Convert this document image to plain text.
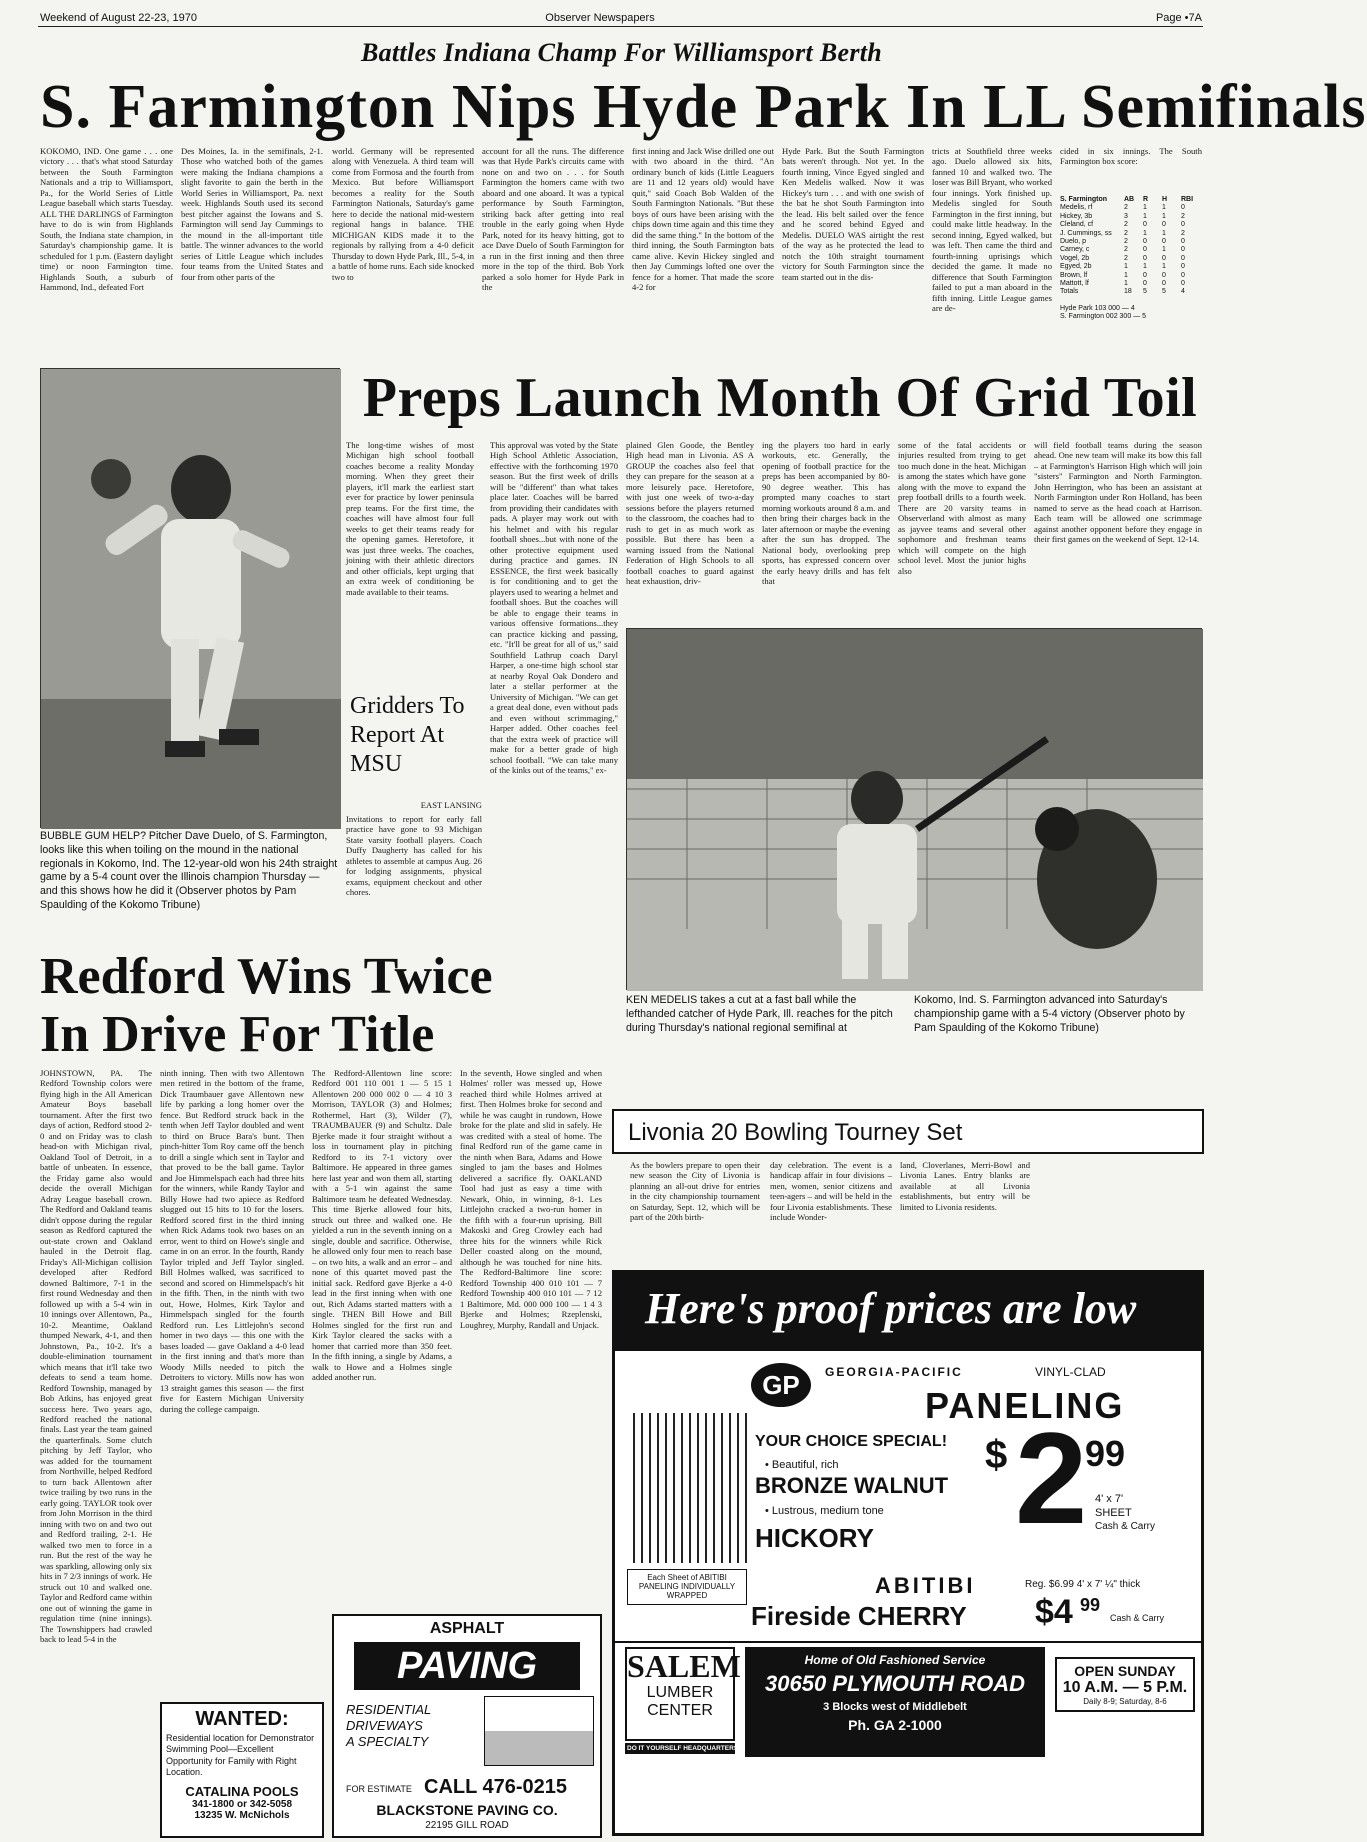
Weekend of August 22-23, 1970	Observer Newspapers	Page •7A
Battles Indiana Champ For Williamsport Berth
S. Farmington Nips Hyde Park In LL Semifinals
KOKOMO, IND. One game . . . one victory . . . that's what stood Saturday between the South Farmington Nationals and a trip to Williamsport, Pa., for the World Series of Little League baseball which starts Tuesday. ALL THE DARLINGS of Farmington have to do is win from Highlands South, the Indiana state champion, in Saturday's championship game. It is scheduled for 1 p.m. (Eastern daylight time) or noon Farmington time. Highlands South, a suburb of Hammond, Ind., defeated Fort
Des Moines, Ia. in the semifinals, 2-1. Those who watched both of the games were making the Indiana champions a slight favorite to gain the berth in the World Series in Williamsport, Pa. next week. Highlands South used its second best pitcher against the Iowans and S. Farmington will send Jay Cummings to the mound in the all-important title battle. The winner advances to the world series of Little League which includes four teams from the United States and four from other parts of the
world. Germany will be represented along with Venezuela. A third team will come from Formosa and the fourth from Mexico. But before Williamsport becomes a reality for the South Farmington Nationals, Saturday's game here to decide the national mid-western regional hangs in balance. THE MICHIGAN KIDS made it to the regionals by rallying from a 4-0 deficit Thursday to down Hyde Park, Ill., 5-4, in a battle of home runs. Each side knocked two to
account for all the runs. The difference was that Hyde Park's circuits came with none on and two on . . . for South Farmington the homers came with two aboard and one aboard. It was a typical performance by South Farmington, striking back after getting into real trouble in the early going when Hyde Park, noted for its heavy hitting, got to ace Dave Duelo of South Farmington for a run in the first inning and then three more in the top of the third. Bob York parked a solo homer for Hyde Park in the
first inning and Jack Wise drilled one out with two aboard in the third. "An ordinary bunch of kids (Little Leaguers are 11 and 12 years old) would have quit," said Coach Bob Walden of the South Farmington Nationals. "But these boys of ours have been arising with the chips down time again and this time they did the same thing." In the bottom of the third inning, the South Farmington bats came alive. Kevin Hickey singled and then Jay Cummings lofted one over the fence for a homer. That made the score 4-2 for
Hyde Park. But the South Farmington bats weren't through. Not yet. In the fourth inning, Vince Egyed singled and Ken Medelis walked. Now it was Hickey's turn . . . and with one swish of the bat he shot South Farmington into the lead. His belt sailed over the fence and he scored behind Egyed and Medelis. DUELO WAS airtight the rest of the way as he protected the lead to notch the 10th straight tournament victory for South Farmington since the team started out in the dis-
tricts at Southfield three weeks ago. Duelo allowed six hits, fanned 10 and walked two. The loser was Bill Bryant, who worked four innings. York finished up. Medelis singled for South Farmington in the first inning, but could make little headway. In the second inning, Egyed walked, but was left. Then came the third and fourth-inning uprisings which decided the game. It made no difference that South Farmington failed to put a man aboard in the fifth inning. Little League games are de-
cided in six innings. The South Farmington box score:
S. Farmington	AB	R	H	RBI
Medelis, rf	2	1	1	0
Hickey, 3b	3	1	1	2
Cleland, cf	2	0	0	0
J. Cummings, ss	2	1	1	2
Duelo, p	2	0	0	0
Carney, c	2	0	1	0
Vogel, 2b	2	0	0	0
Egyed, 2b	1	1	1	0
Brown, lf	1	0	0	0
Mattott, lf	1	0	0	0
Totals	18	5	5	4
Hyde Park 103 000 — 4
S. Farmington 002 300 — 5
Preps Launch Month Of Grid Toil
BUBBLE GUM HELP? Pitcher Dave Duelo, of S. Farmington, looks like this when toiling on the mound in the national regionals in Kokomo, Ind. The 12-year-old won his 24th straight game by a 5-4 count over the Illinois champion Thursday — and this shows how he did it (Observer photos by Pam Spaulding of the Kokomo Tribune)
The long-time wishes of most Michigan high school football coaches become a reality Monday morning. When they greet their players, it'll mark the earliest start ever for practice by lower peninsula prep teams. For the first time, the coaches will have almost four full weeks to get their teams ready for the opening games. Heretofore, it was just three weeks. The coaches, joining with their athletic directors and other officials, kept urging that an extra week of conditioning be made available to their teams.
This approval was voted by the State High School Athletic Association, effective with the forthcoming 1970 season. But the first week of drills will be "different" than what takes place later. Coaches will be barred from providing their candidates with pads. A player may work out with his helmet and with his regular football shoes...but with none of the other protective equipment used during practice and games. IN ESSENCE, the first week basically is for conditioning and to get the players used to wearing a helmet and football shoes. But the coaches will be able to engage their teams in various offensive formations...they can practice kicking and passing, etc. "It'll be great for all of us," said Southfield Lathrup coach Daryl Harper, a one-time high school star at nearby Royal Oak Dondero and later a stellar performer at the University of Michigan. "We can get a great deal done, even without pads and even without scrimmaging," Harper added. Other coaches feel that the extra week of practice will make for a better grade of high school football. "We can take many of the kinks out of the teams," ex-
plained Glen Goode, the Bentley High head man in Livonia. AS A GROUP the coaches also feel that they can prepare for the season at a more leisurely pace. Heretofore, with just one week of two-a-day sessions before the players returned to the classroom, the coaches had to rush to get in as much work as possible. But there has been a warning issued from the National Federation of High Schools to all football coaches to guard against heat exhaustion, driv-
ing the players too hard in early workouts, etc. Generally, the opening of football practice for the preps has been accompanied by 80-90 degree weather. This has prompted many coaches to start morning workouts around 8 a.m. and then bring their charges back in the later afternoon or maybe the evening after the sun has dropped. The National body, overlooking prep sports, has expressed concern over the early heavy drills and has felt that
some of the fatal accidents or injuries resulted from trying to get too much done in the heat. Michigan is among the states which have gone along with the move to expand the prep football drills to a fourth week. There are 20 varsity teams in Observerland with almost as many as jayvee teams and several other sophomore and freshman teams which will compete on the high school level. Most the junior highs also
will field football teams during the season ahead. One new team will make its bow this fall – at Farmington's Harrison High which will join "sisters" Farmington and North Farmington. John Herrington, who has been an assistant at North Farmington under Ron Holland, has been named to serve as the head coach at Harrison. Each team will be allowed one scrimmage against another opponent before they engage in their first games on the weekend of Sept. 12-14.
Gridders To Report At MSU
EAST LANSING
Invitations to report for early fall practice have gone to 93 Michigan State varsity football players. Coach Duffy Daugherty has called for his athletes to assemble at campus Aug. 26 for lodging assignments, physical exams, equipment checkout and other chores.
KEN MEDELIS takes a cut at a fast ball while the lefthanded catcher of Hyde Park, Ill. reaches for the pitch during Thursday's national regional semifinal at
Kokomo, Ind. S. Farmington advanced into Saturday's championship game with a 5-4 victory (Observer photo by Pam Spaulding of the Kokomo Tribune)
Redford Wins Twice In Drive For Title
JOHNSTOWN, PA. The Redford Township colors were flying high in the All American Amateur Boys baseball tournament. After the first two days of action, Redford stood 2-0 and on Friday was to clash head-on with Michigan rival, Oakland Tool of Detroit, in a battle of unbeaten. In essence, the Friday game also would decide the overall Michigan Adray League baseball crown. The Redford and Oakland teams didn't oppose during the regular season as Redford captured the out-state crown and Oakland hauled in the Detroit flag. Friday's All-Michigan collision developed after Redford downed Baltimore, 7-1 in the first round Wednesday and then followed up with a 5-4 win in 10 innings over Allentown, Pa., 10-2. Meantime, Oakland thumped Newark, 4-1, and then Johnstown, Pa., 10-2. It's a double-elimination tournament which means that it'll take two defeats to send a team home. Redford Township, managed by Bob Atkins, has enjoyed great success here. Two years ago, Redford reached the national finals. Last year the team gained the quarterfinals. Some clutch pitching by Jeff Taylor, who was added for the tournament from Northville, helped Redford to turn back Allentown after twice trailing by two runs in the early going. TAYLOR took over from John Morrison in the third inning with two on and two out and Redford trailing, 2-1. He walked two men to force in a run. But the rest of the way he was sparkling, allowing only six hits in 7 2/3 innings of work. He struck out 10 and walked one. Taylor and Redford came within one out of winning the game in regulation time (nine innings). The Townshippers had crawled back to lead 5-4 in the
ninth inning. Then with two Allentown men retired in the bottom of the frame, Dick Traumbauer gave Allentown new life by parking a long homer over the fence. But Redford struck back in the tenth when Jeff Taylor doubled and went to third on Bruce Bara's bunt. Then pinch-hitter Tom Roy came off the bench to drill a single which sent in Taylor and that proved to be the ball game. Taylor and Joe Himmelspach each had three hits for the winners, while Randy Taylor and Billy Howe had two apiece as Redford slugged out 15 hits to 10 for the losers. Redford scored first in the third inning when Rick Adams took two bases on an error, went to third on Howe's single and came in on an error. In the fourth, Randy Taylor tripled and Jeff Taylor singled. Bill Holmes walked, was sacrificed to second and scored on Himmelspach's hit in the fifth. Then, in the ninth with two out, Howe, Holmes, Kirk Taylor and Himmelspach singled for the fourth Redford run. Les Littlejohn's second homer in two days — this one with the bases loaded — gave Oakland a 4-0 lead in the first inning and that's more than Woody Mills needed to pitch the Detroiters to victory. Mills now has won 13 straight games this season — the first five for Eastern Michigan University during the college campaign.
The Redford-Allentown line score: Redford 001 110 001 1 — 5 15 1 Allentown 200 000 002 0 — 4 10 3 Morrison, TAYLOR (3) and Holmes; Rothermel, Hart (3), Wilder (7), TRAUMBAUER (9) and Schultz. Dale Bjerke made it four straight without a loss in tournament play in pitching Redford to its 7-1 victory over Baltimore. He appeared in three games here last year and won them all, starting with a 5-1 win against the same Baltimore team he defeated Wednesday. This time Bjerke allowed four hits, struck out three and walked one. He yielded a run in the seventh inning on a single, double and sacrifice. Otherwise, he allowed only four men to reach base – on two hits, a walk and an error – and none of this quartet moved past the initial sack. Redford gave Bjerke a 4-0 lead in the first inning when with one out, Rich Adams started matters with a single. THEN Bill Howe and Bill Holmes singled for the first run and Kirk Taylor cleared the sacks with a homer that carried more than 350 feet. In the fifth inning, a single by Adams, a walk to Howe and a Holmes single added another run.
In the seventh, Howe singled and when Holmes' roller was messed up, Howe reached third while Holmes arrived at first. Then Holmes broke for second and while he was caught in rundown, Howe broke for the plate and slid in safely. He was credited with a steal of home. The final Redford run of the game came in the ninth when Bara, Adams and Howe singled to jam the bases and Holmes delivered a sacrifice fly. OAKLAND Tool had just as easy a time with Newark, Ohio, in winning, 8-1. Les Littlejohn cracked a two-run homer in the fifth with a four-run uprising. Bill Makoski and Greg Crowley each had three hits for the winners while Rick Deller coasted along on the mound, although he was touched for nine hits. The Redford-Baltimore line score: Redford Township 400 010 101 — 7 Redford Township 400 010 101 — 7 12 1 Baltimore, Md. 000 000 100 — 1 4 3 Bjerke and Holmes; Rzeplenski, Loughrey, Murphy, Randall and Unjack.
Livonia 20 Bowling Tourney Set
As the bowlers prepare to open their new season the City of Livonia is planning an all-out drive for entries in the city championship tournament on Saturday, Sept. 12, which will be part of the 20th birth-
day celebration. The event is a handicap affair in four divisions – men, women, senior citizens and teen-agers – and will be held in the four Livonia establishments. These include Wonder-
land, Cloverlanes, Merri-Bowl and Livonia Lanes. Entry blanks are available at all Livonia establishments, but entry will be limited to Livonia residents.
Here's proof prices are low
GP	GEORGIA-PACIFIC	VINYL-CLAD
PANELING
YOUR CHOICE SPECIAL!
• Beautiful, rich
BRONZE WALNUT
• Lustrous, medium tone
HICKORY
$ 2
99
4' x 7'
SHEET
Cash & Carry
Each Sheet of ABITIBI PANELING INDIVIDUALLY WRAPPED	ABITIBI	Reg. $6.99 4' x 7' ¼" thick
Fireside CHERRY $4 99
Cash & Carry
SALEM
LUMBER
CENTER
DO IT YOURSELF HEADQUARTERS
Home of Old Fashioned Service
30650 PLYMOUTH ROAD
3 Blocks west of Middlebelt
Ph. GA 2-1000
OPEN SUNDAY
10 A.M. — 5 P.M.
Daily 8-9; Saturday, 8-6
ASPHALT
PAVING
RESIDENTIAL
DRIVEWAYS
A SPECIALTY
FOR ESTIMATE CALL 476-0215
BLACKSTONE PAVING CO.
22195 GILL ROAD
WANTED:
Residential location for Demonstrator Swimming Pool—Excellent Opportunity for Family with Right Location.
CATALINA POOLS
341-1800 or 342-5058
13235 W. McNichols
